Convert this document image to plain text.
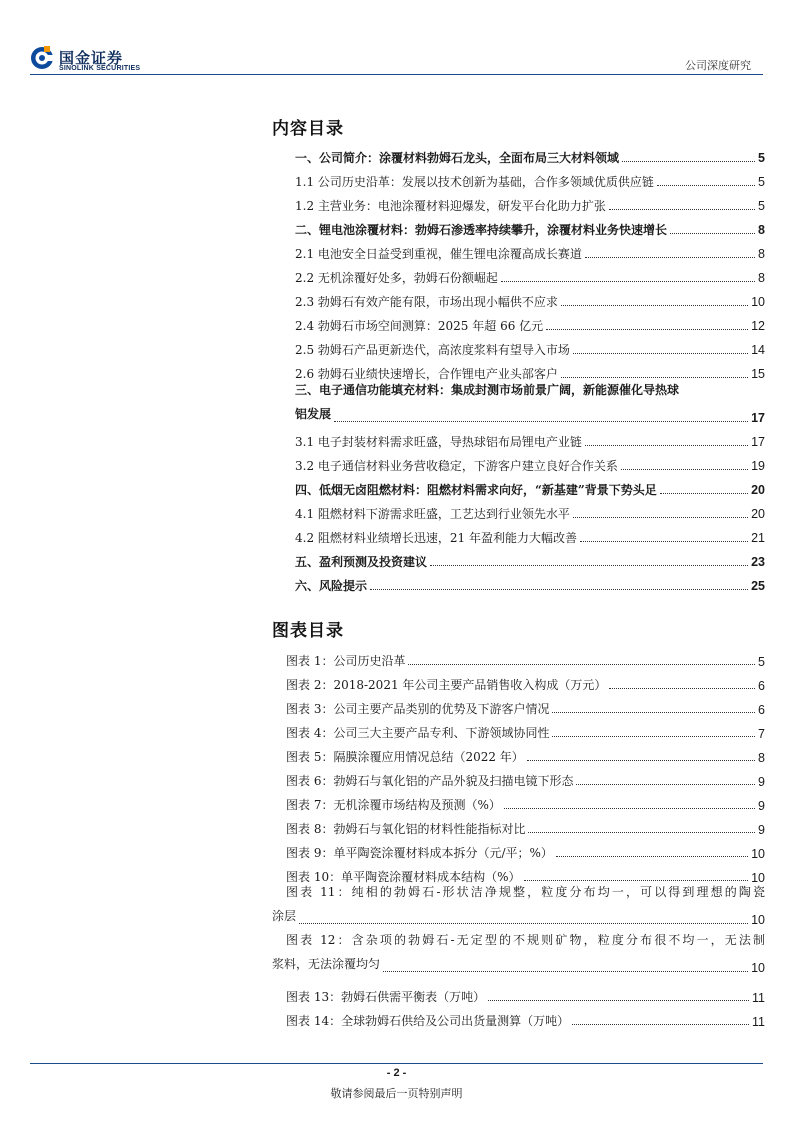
国金证券
SINOLINK SECURITIES	公司深度研究
内容目录
一、公司简介：涂覆材料勃姆石龙头，全面布局三大材料领域	5
1.1 公司历史沿革：发展以技术创新为基础，合作多领域优质供应链	5
1.2 主营业务：电池涂覆材料迎爆发，研发平台化助力扩张	5
二、锂电池涂覆材料：勃姆石渗透率持续攀升，涂覆材料业务快速增长	8
2.1 电池安全日益受到重视，催生锂电涂覆高成长赛道	8
2.2 无机涂覆好处多，勃姆石份额崛起	8
2.3 勃姆石有效产能有限，市场出现小幅供不应求	10
2.4 勃姆石市场空间测算：2025 年超 66 亿元	12
2.5 勃姆石产品更新迭代，高浓度浆料有望导入市场	14
2.6 勃姆石业绩快速增长，合作锂电产业头部客户	15
三、电子通信功能填充材料：集成封测市场前景广阔，新能源催化导热球
铝发展	17
3.1 电子封装材料需求旺盛，导热球铝布局锂电产业链	17
3.2 电子通信材料业务营收稳定，下游客户建立良好合作关系	19
四、低烟无卤阻燃材料：阻燃材料需求向好，“新基建”背景下势头足	20
4.1 阻燃材料下游需求旺盛，工艺达到行业领先水平	20
4.2 阻燃材料业绩增长迅速，21 年盈利能力大幅改善	21
五、盈利预测及投资建议	23
六、风险提示	25
图表目录
图表 1：公司历史沿革	5
图表 2：2018-2021 年公司主要产品销售收入构成（万元）	6
图表 3：公司主要产品类别的优势及下游客户情况	6
图表 4：公司三大主要产品专利、下游领域协同性	7
图表 5：隔膜涂覆应用情况总结（2022 年）	8
图表 6：勃姆石与氧化铝的产品外貌及扫描电镜下形态	9
图表 7：无机涂覆市场结构及预测（%）	9
图表 8：勃姆石与氧化铝的材料性能指标对比	9
图表 9：单平陶瓷涂覆材料成本拆分（元/平；%）	10
图表 10：单平陶瓷涂覆材料成本结构（%）	10
图表 11：纯相的勃姆石-形状洁净规整，粒度分布均一，可以得到理想的陶瓷
涂层	10
图表 12：含杂项的勃姆石-无定型的不规则矿物，粒度分布很不均一，无法制
浆料，无法涂覆均匀	10
图表 13：勃姆石供需平衡表（万吨）	11
图表 14：全球勃姆石供给及公司出货量测算（万吨）	11
- 2 -
敬请参阅最后一页特别声明
